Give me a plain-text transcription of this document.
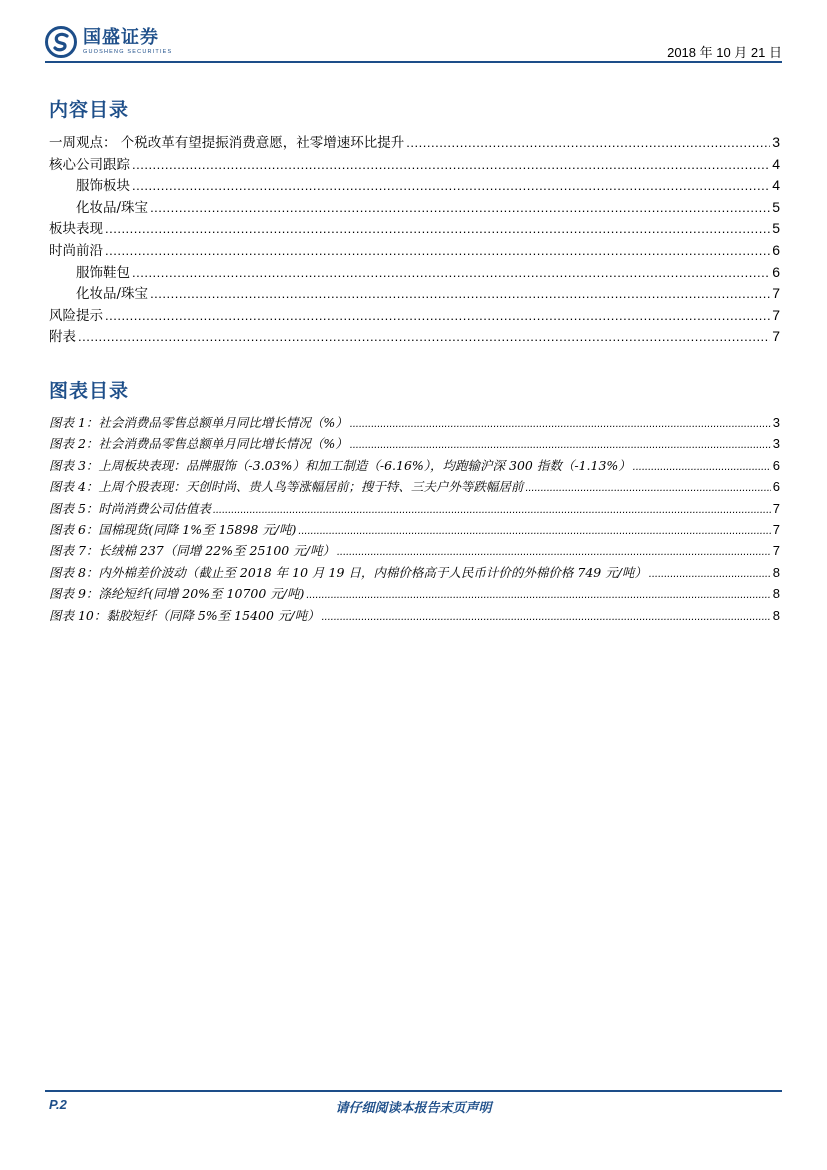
国盛证券
GUOSHENG SECURITIES	2018 年 10 月 21 日
内容目录
一周观点： 个税改革有望提振消费意愿，社零增速环比提升 .....	3
核心公司跟踪 .....	4
服饰板块 .....	4
化妆品/珠宝 .....	5
板块表现 .....	5
时尚前沿 .....	6
服饰鞋包 .....	6
化妆品/珠宝 .....	7
风险提示 .....	7
附表 .....	7
图表目录
图表 1：社会消费品零售总额单月同比增长情况（%） .....	3
图表 2：社会消费品零售总额单月同比增长情况（%） .....	3
图表 3：上周板块表现：品牌服饰（-3.03%）和加工制造（-6.16%），均跑输沪深 300 指数（-1.13%） .....	6
图表 4：上周个股表现：天创时尚、贵人鸟等涨幅居前；搜于特、三夫户外等跌幅居前 .....	6
图表 5：时尚消费公司估值表 .....	7
图表 6：国棉现货(同降 1%至 15898 元/吨) .....	7
图表 7：长绒棉 237（同增 22%至 25100 元/吨） .....	7
图表 8：内外棉差价波动（截止至 2018 年 10 月 19 日，内棉价格高于人民币计价的外棉价格 749 元/吨） .....	8
图表 9：涤纶短纤(同增 20%至 10700 元/吨) .....	8
图表 10：黏胶短纤（同降 5%至 15400 元/吨） .....	8
P.2	请仔细阅读本报告末页声明
